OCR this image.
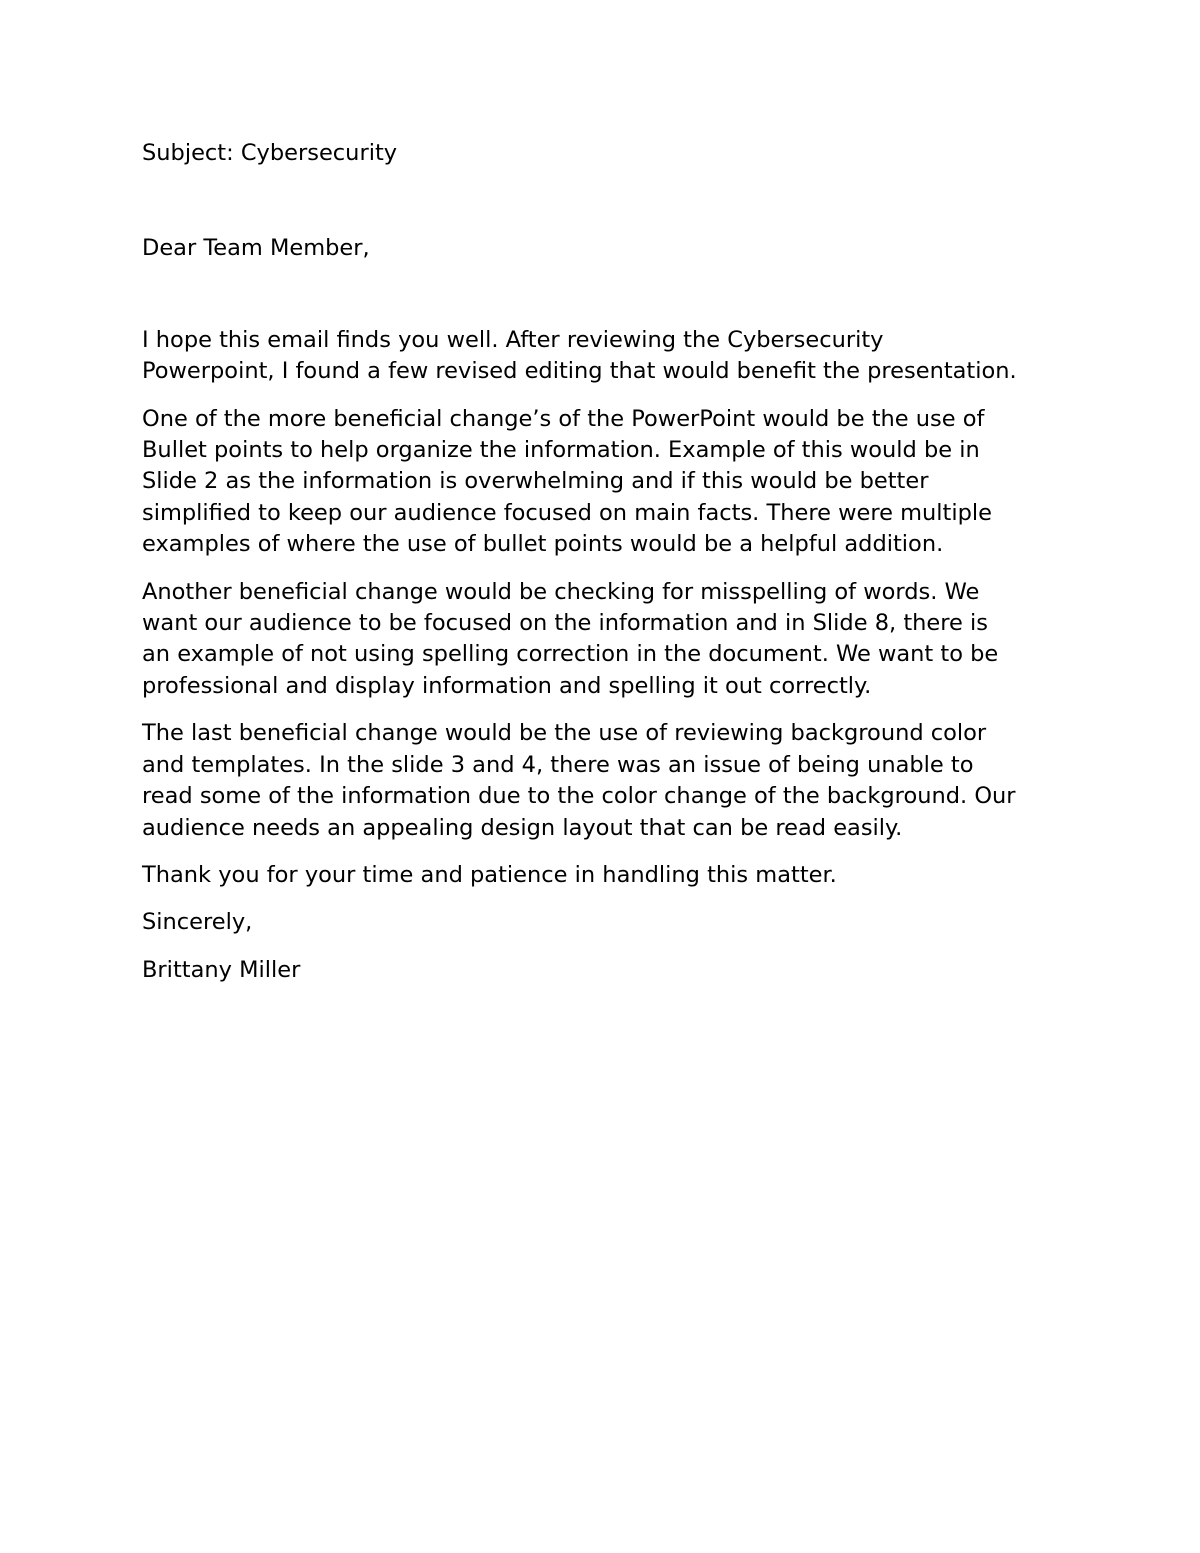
Subject: Cybersecurity
Dear Team Member,
I hope this email finds you well. After reviewing the Cybersecurity
Powerpoint, I found a few revised editing that would benefit the presentation.
One of the more beneficial change’s of the PowerPoint would be the use of
Bullet points to help organize the information. Example of this would be in
Slide 2 as the information is overwhelming and if this would be better
simplified to keep our audience focused on main facts. There were multiple
examples of where the use of bullet points would be a helpful addition.
Another beneficial change would be checking for misspelling of words. We
want our audience to be focused on the information and in Slide 8, there is
an example of not using spelling correction in the document. We want to be
professional and display information and spelling it out correctly.
The last beneficial change would be the use of reviewing background color
and templates. In the slide 3 and 4, there was an issue of being unable to
read some of the information due to the color change of the background. Our
audience needs an appealing design layout that can be read easily.
Thank you for your time and patience in handling this matter.
Sincerely,
Brittany Miller
